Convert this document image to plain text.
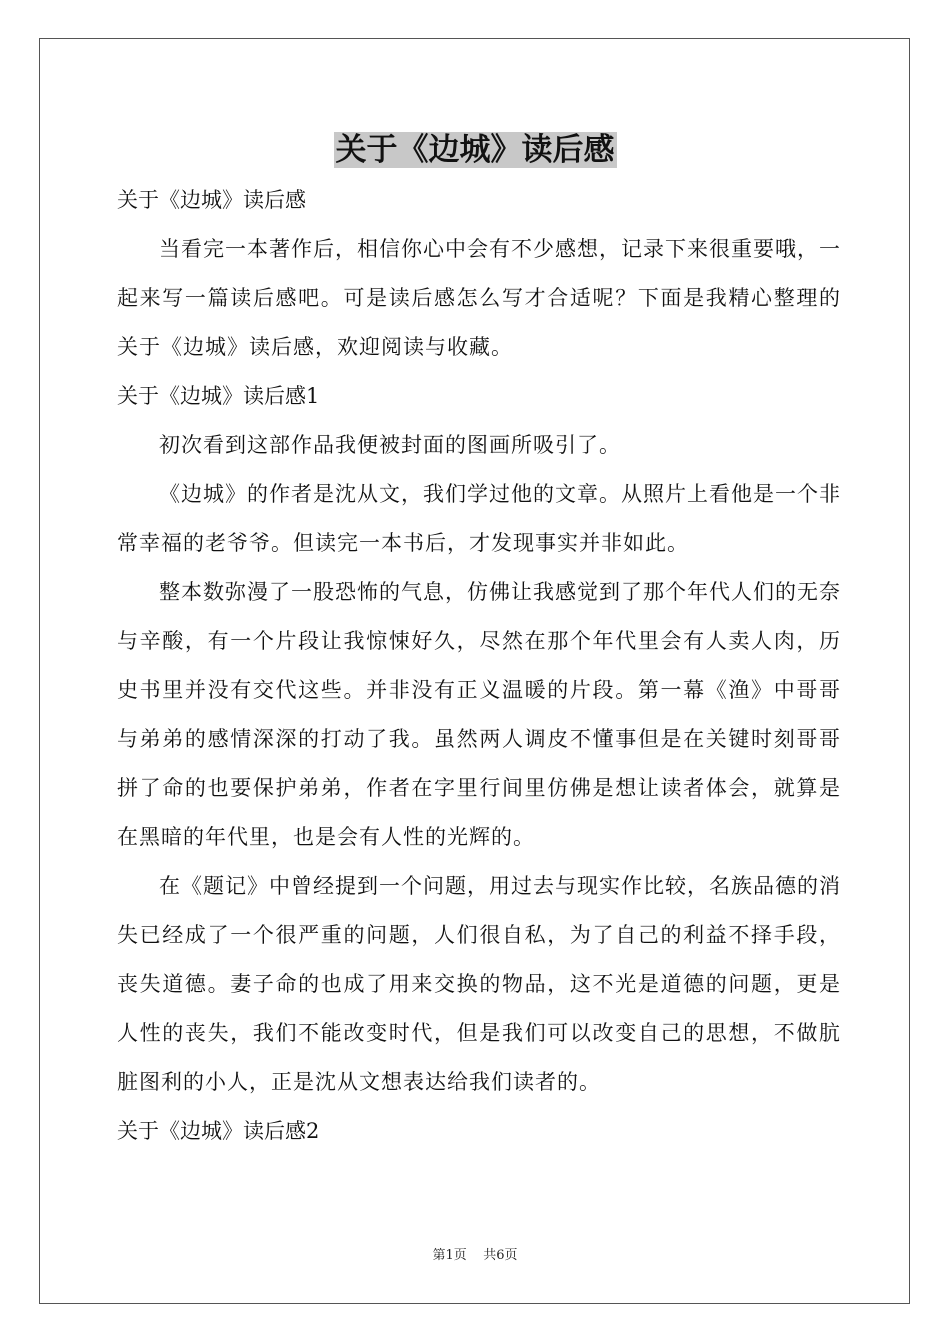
关于《边城》读后感

关于《边城》读后感

当看完一本著作后，相信你心中会有不少感想，记录下来很重要哦，一起来写一篇读后感吧。可是读后感怎么写才合适呢？下面是我精心整理的关于《边城》读后感，欢迎阅读与收藏。

关于《边城》读后感1

初次看到这部作品我便被封面的图画所吸引了。

《边城》的作者是沈从文，我们学过他的文章。从照片上看他是一个非常幸福的老爷爷。但读完一本书后，才发现事实并非如此。

整本数弥漫了一股恐怖的气息，仿佛让我感觉到了那个年代人们的无奈与辛酸，有一个片段让我惊悚好久，尽然在那个年代里会有人卖人肉，历史书里并没有交代这些。并非没有正义温暖的片段。第一幕《渔》中哥哥与弟弟的感情深深的打动了我。虽然两人调皮不懂事但是在关键时刻哥哥拼了命的也要保护弟弟，作者在字里行间里仿佛是想让读者体会，就算是在黑暗的年代里，也是会有人性的光辉的。

在《题记》中曾经提到一个问题，用过去与现实作比较，名族品德的消失已经成了一个很严重的问题，人们很自私，为了自己的利益不择手段，丧失道德。妻子命的也成了用来交换的物品，这不光是道德的问题，更是人性的丧失，我们不能改变时代，但是我们可以改变自己的思想，不做肮脏图利的小人，正是沈从文想表达给我们读者的。

关于《边城》读后感2

第1页 共6页
